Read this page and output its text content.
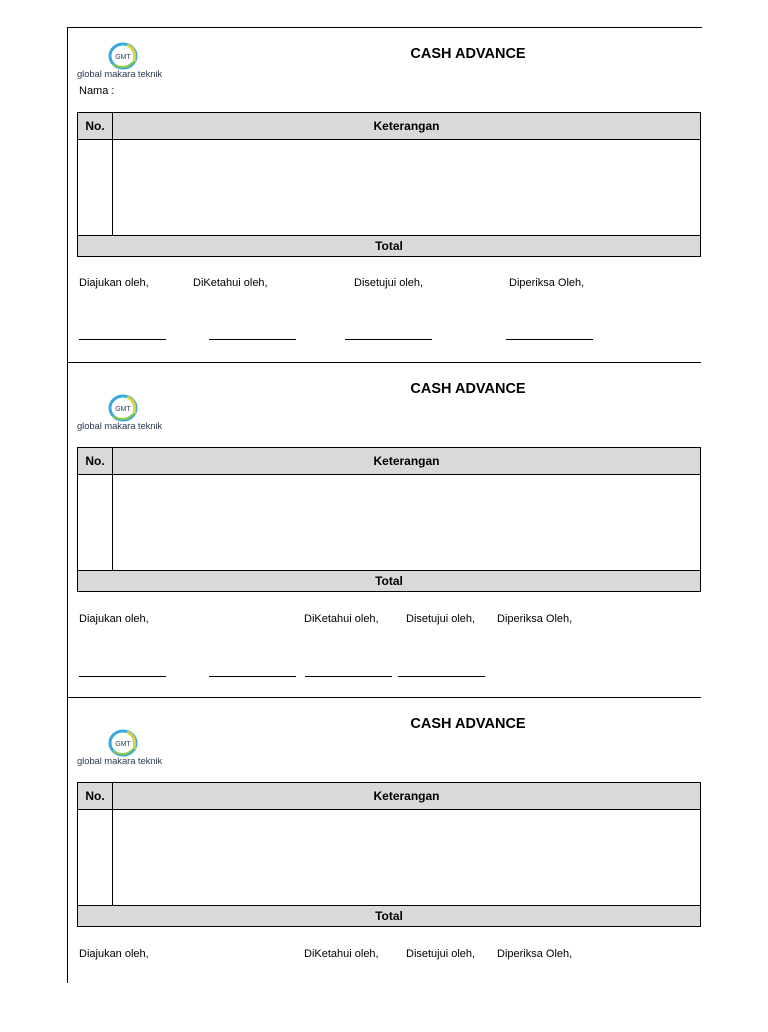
GMT
global makara teknik
CASH ADVANCE
Nama :
No.	Keterangan
Total
Diajukan oleh,	DiKetahui oleh,	Disetujui oleh,	Diperiksa Oleh,
GMT
global makara teknik
CASH ADVANCE
No.	Keterangan
Total
Diajukan oleh,	DiKetahui oleh, Disetujui oleh, Diperiksa Oleh,
GMT
global makara teknik
CASH ADVANCE
No.	Keterangan
Total
Diajukan oleh,	DiKetahui oleh, Disetujui oleh, Diperiksa Oleh,
